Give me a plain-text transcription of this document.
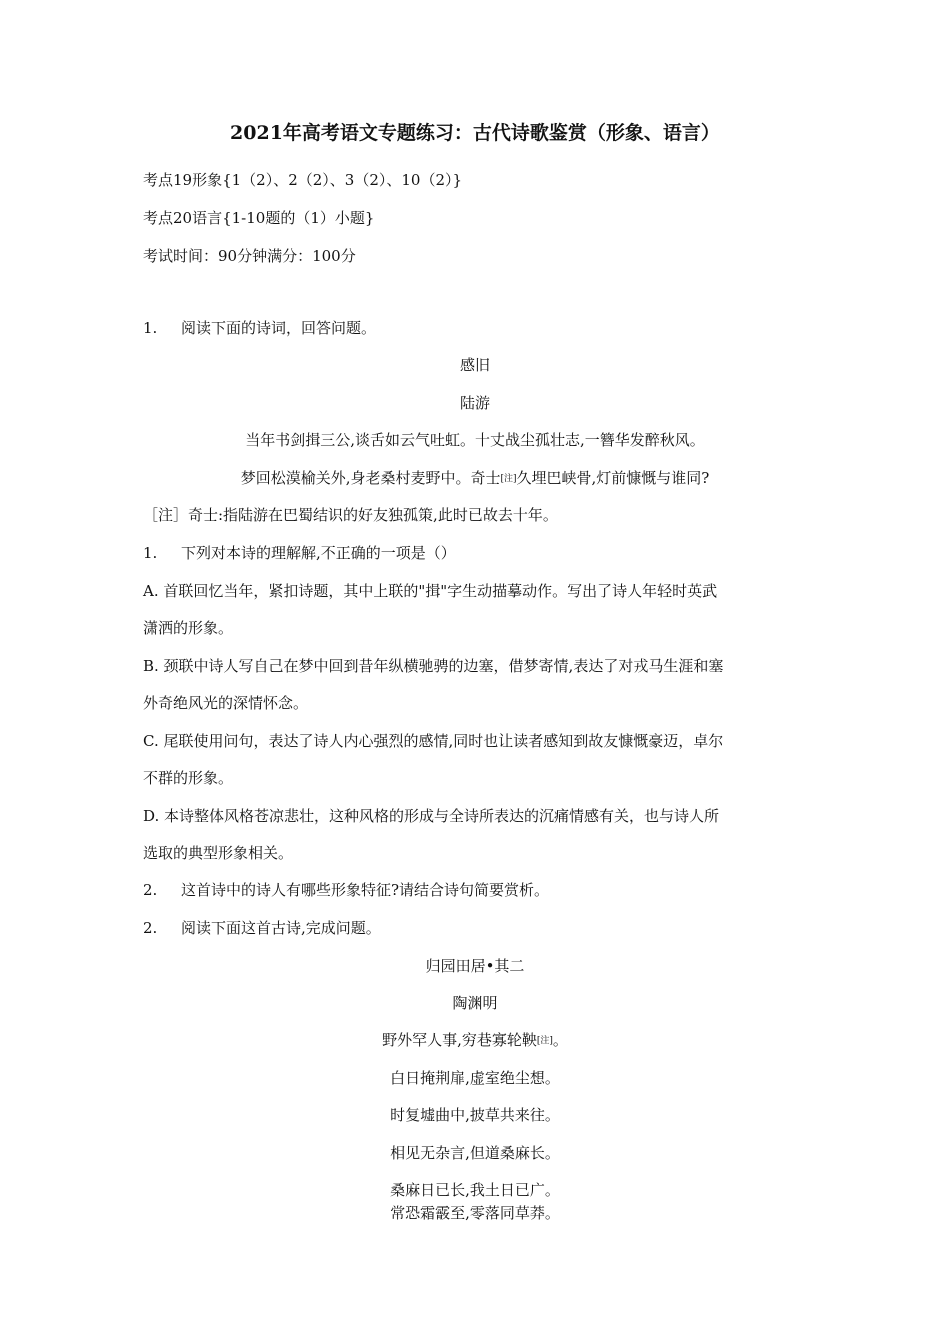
2021年高考语文专题练习：古代诗歌鉴赏（形象、语言）
考点19形象{1（2）、2（2）、3（2）、10（2）}
考点20语言{1-10题的（1）小题}
考试时间：90分钟满分：100分
1. 阅读下面的诗词，回答问题。
感旧
陆游
当年书剑揖三公,谈舌如云气吐虹。十丈战尘孤壮志,一簪华发醉秋风。
梦回松漠榆关外,身老桑村麦野中。奇士[注]久埋巴峡骨,灯前慷慨与谁同?
［注］奇士:指陆游在巴蜀结识的好友独孤策,此时已故去十年。
1. 下列对本诗的理解解,不正确的一项是（）
A. 首联回忆当年，紧扣诗题，其中上联的"揖"字生动描摹动作。写出了诗人年轻时英武
潇洒的形象。
B. 颈联中诗人写自己在梦中回到昔年纵横驰骋的边塞，借梦寄情,表达了对戎马生涯和塞
外奇绝风光的深情怀念。
C. 尾联使用问句，表达了诗人内心强烈的感情,同时也让读者感知到故友慷慨豪迈，卓尔
不群的形象。
D. 本诗整体风格苍凉悲壮，这种风格的形成与全诗所表达的沉痛情感有关，也与诗人所
选取的典型形象相关。
2. 这首诗中的诗人有哪些形象特征?请结合诗句简要赏析。
2. 阅读下面这首古诗,完成问题。
归园田居•其二
陶渊明
野外罕人事,穷巷寡轮鞅[注]。
白日掩荆扉,虚室绝尘想。
时复墟曲中,披草共来往。
相见无杂言,但道桑麻长。
桑麻日已长,我土日已广。
常恐霜霰至,零落同草莽。
